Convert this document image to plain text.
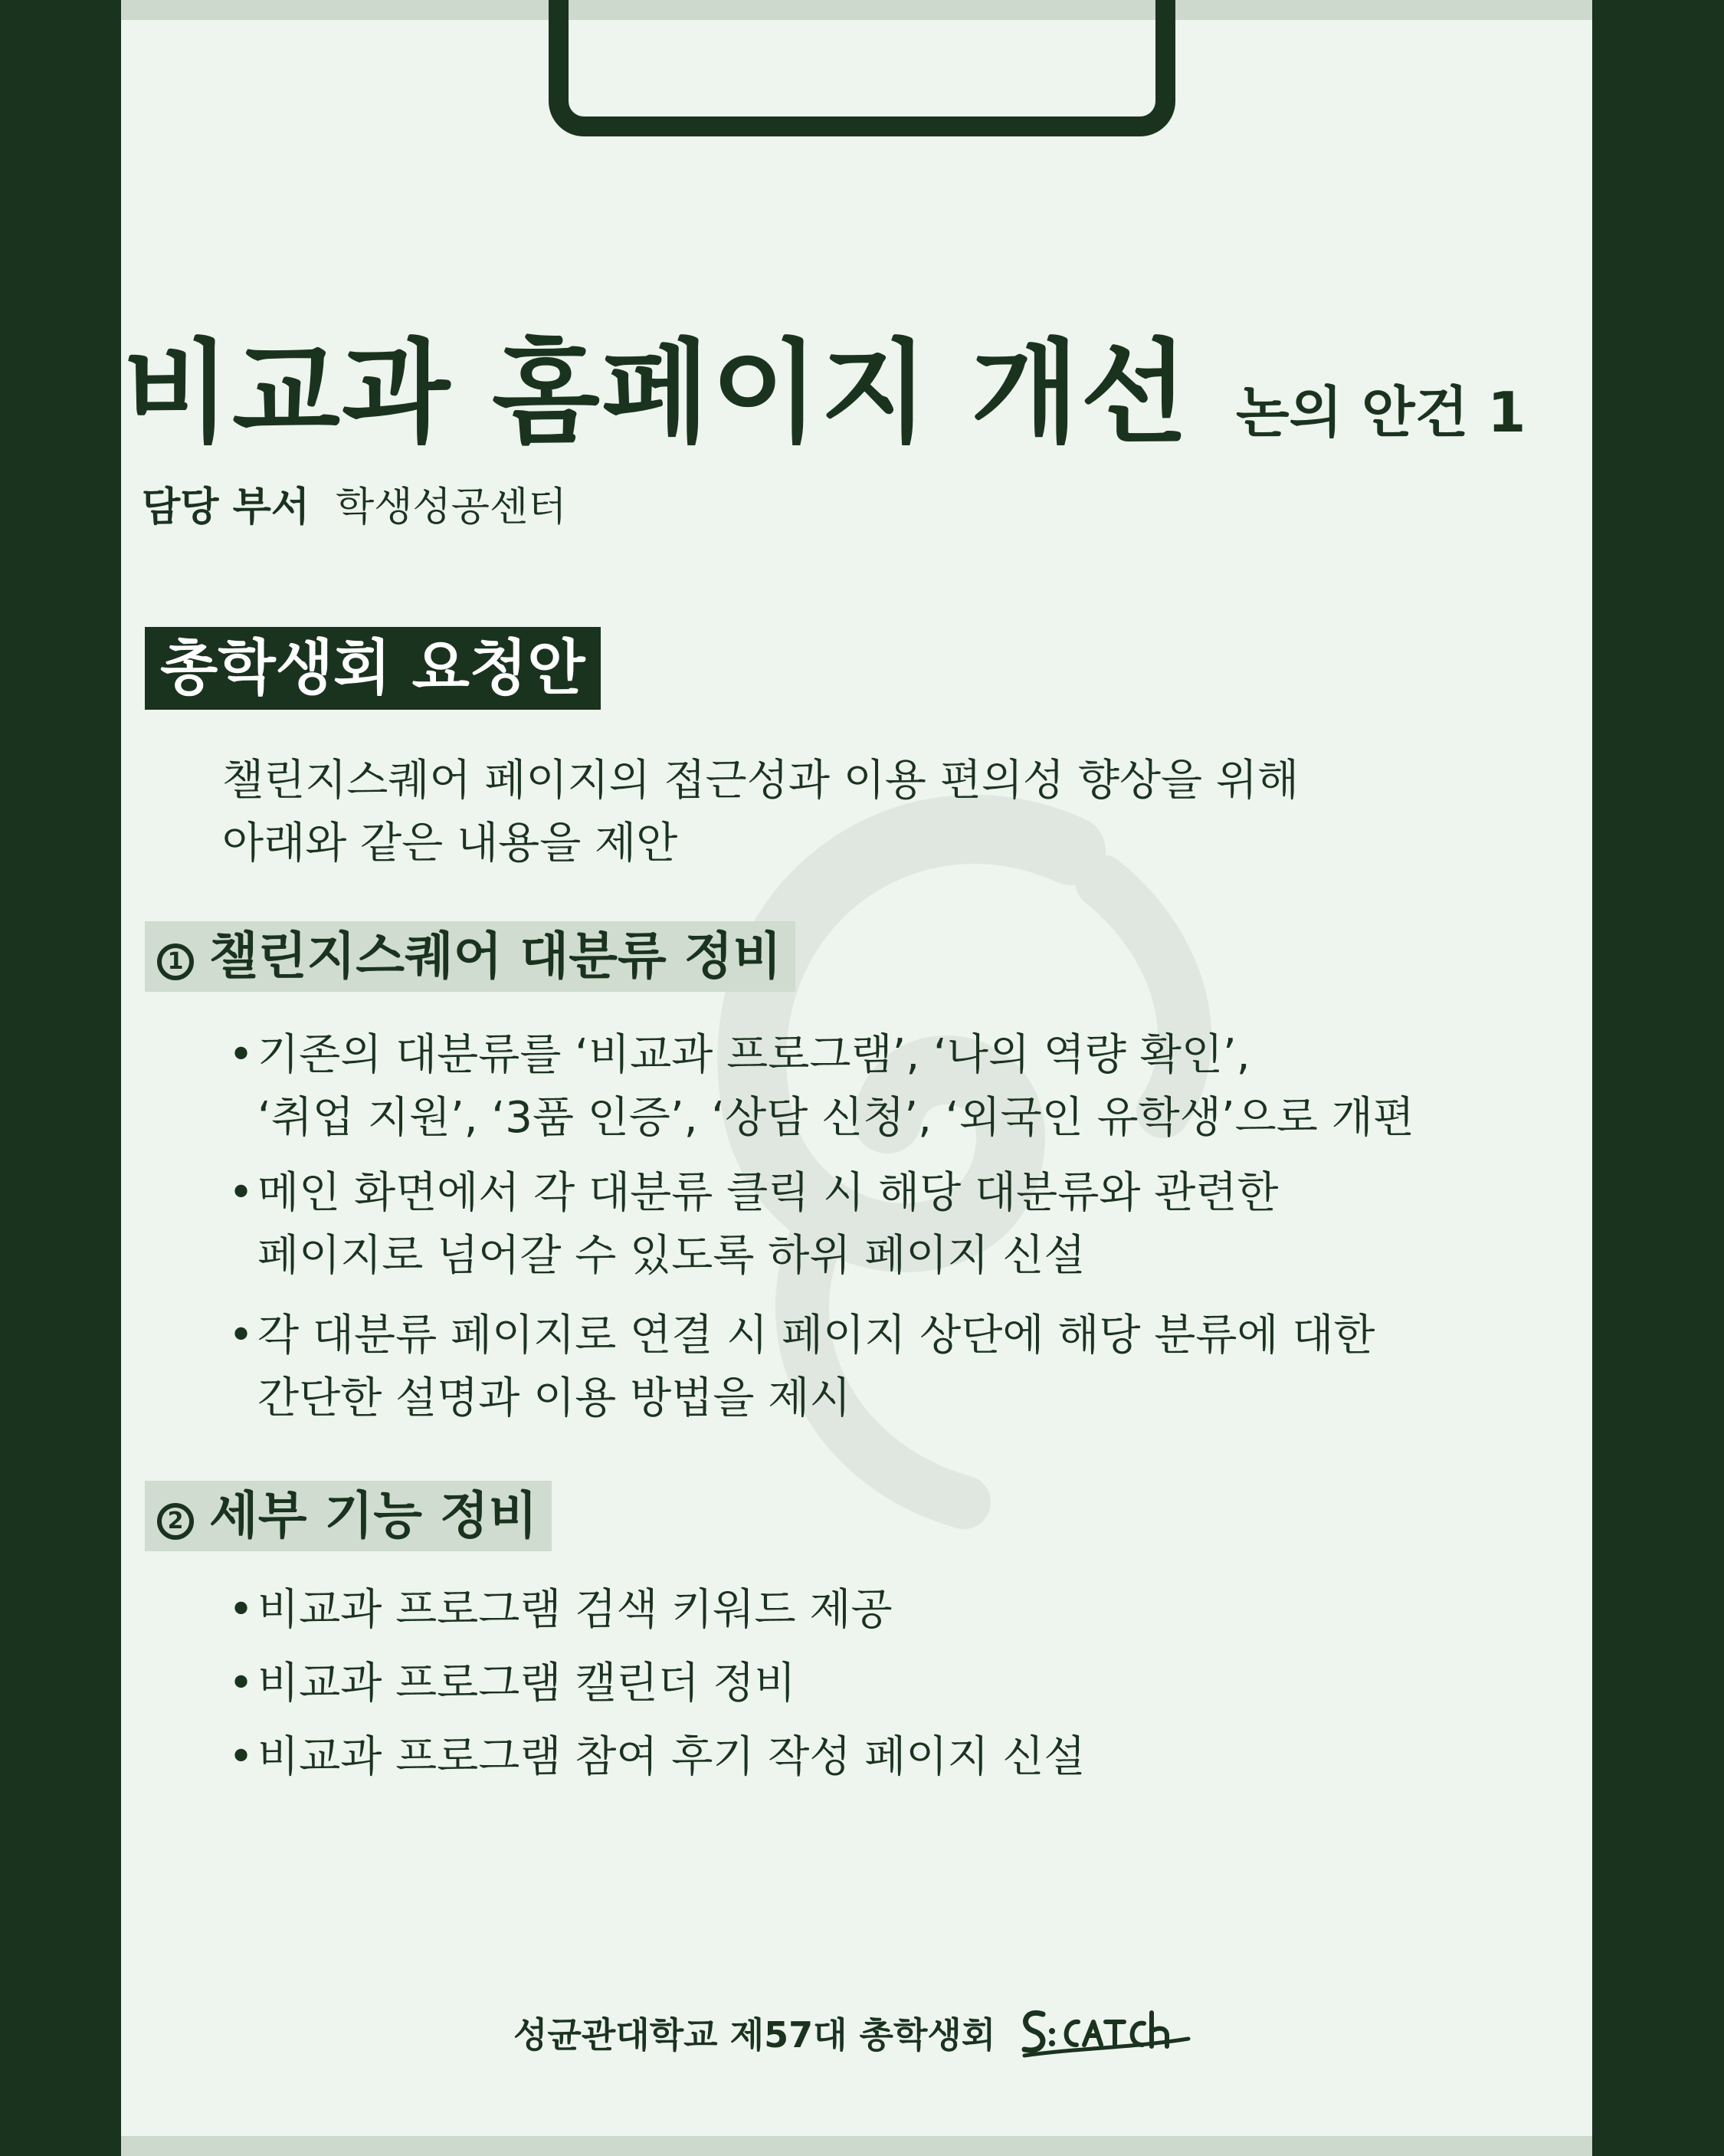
비교과 홈페이지 개선 논의 안건 1
담당 부서 학생성공센터
총학생회 요청안
챌린지스퀘어 페이지의 접근성과 이용 편의성 향상을 위해
아래와 같은 내용을 제안
1 챌린지스퀘어 대분류 정비
• 기존의 대분류를 ‘비교과 프로그램’, ‘나의 역량 확인’,
‘취업 지원’, ‘3품 인증’, ‘상담 신청’, ‘외국인 유학생’으로 개편
• 메인 화면에서 각 대분류 클릭 시 해당 대분류와 관련한
페이지로 넘어갈 수 있도록 하위 페이지 신설
• 각 대분류 페이지로 연결 시 페이지 상단에 해당 분류에 대한
간단한 설명과 이용 방법을 제시
2 세부 기능 정비
• 비교과 프로그램 검색 키워드 제공
• 비교과 프로그램 캘린더 정비
• 비교과 프로그램 참여 후기 작성 페이지 신설
성균관대학교 제57대 총학생회
